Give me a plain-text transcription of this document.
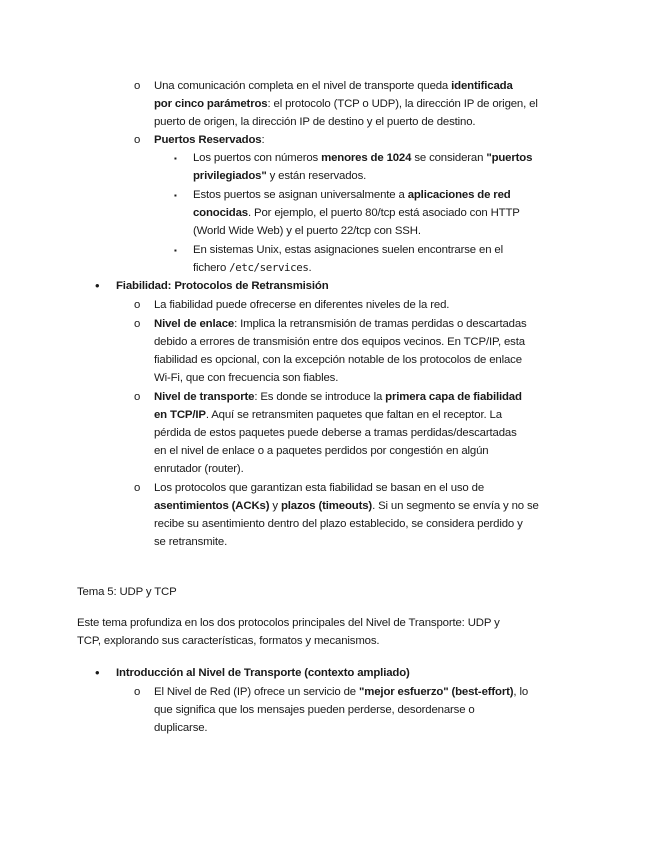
o Una comunicación completa en el nivel de transporte queda identificada
por cinco parámetros: el protocolo (TCP o UDP), la dirección IP de origen, el
puerto de origen, la dirección IP de destino y el puerto de destino.
o Puertos Reservados:
▪ Los puertos con números menores de 1024 se consideran "puertos
privilegiados" y están reservados.
▪ Estos puertos se asignan universalmente a aplicaciones de red
conocidas. Por ejemplo, el puerto 80/tcp está asociado con HTTP
(World Wide Web) y el puerto 22/tcp con SSH.
▪ En sistemas Unix, estas asignaciones suelen encontrarse en el
fichero /etc/services.
• Fiabilidad: Protocolos de Retransmisión
o La fiabilidad puede ofrecerse en diferentes niveles de la red.
o Nivel de enlace: Implica la retransmisión de tramas perdidas o descartadas
debido a errores de transmisión entre dos equipos vecinos. En TCP/IP, esta
fiabilidad es opcional, con la excepción notable de los protocolos de enlace
Wi-Fi, que con frecuencia son fiables.
o Nivel de transporte: Es donde se introduce la primera capa de fiabilidad
en TCP/IP. Aquí se retransmiten paquetes que faltan en el receptor. La
pérdida de estos paquetes puede deberse a tramas perdidas/descartadas
en el nivel de enlace o a paquetes perdidos por congestión en algún
enrutador (router).
o Los protocolos que garantizan esta fiabilidad se basan en el uso de
asentimientos (ACKs) y plazos (timeouts). Si un segmento se envía y no se
recibe su asentimiento dentro del plazo establecido, se considera perdido y
se retransmite.
Tema 5: UDP y TCP
Este tema profundiza en los dos protocolos principales del Nivel de Transporte: UDP y
TCP, explorando sus características, formatos y mecanismos.
• Introducción al Nivel de Transporte (contexto ampliado)
o El Nivel de Red (IP) ofrece un servicio de "mejor esfuerzo" (best-effort), lo
que significa que los mensajes pueden perderse, desordenarse o
duplicarse.
